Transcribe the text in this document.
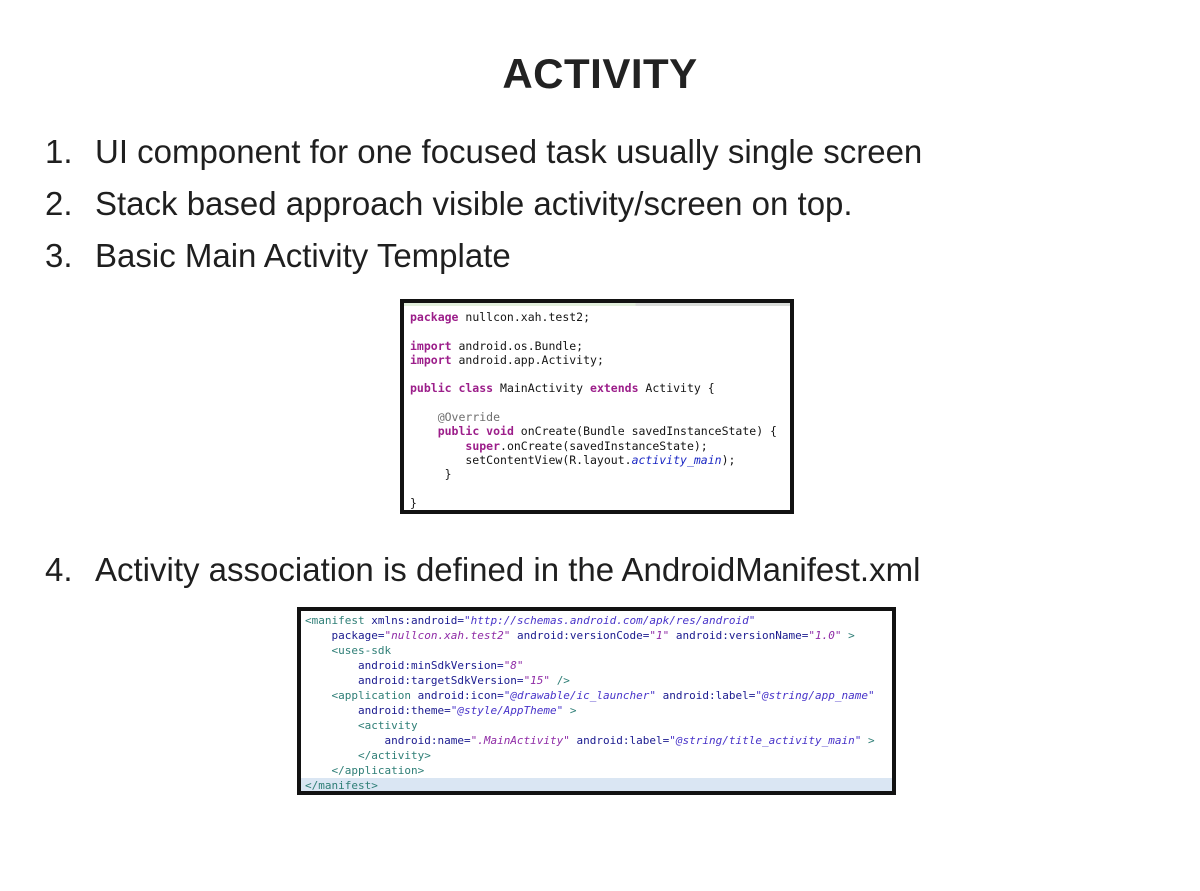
ACTIVITY
1. UI component for one focused task usually single screen
2. Stack based approach visible activity/screen on top.
3. Basic Main Activity Template
package nullcon.xah.test2;

import android.os.Bundle;
import android.app.Activity;

public class MainActivity extends Activity {

@Override
public void onCreate(Bundle savedInstanceState) {
super.onCreate(savedInstanceState);
setContentView(R.layout.activity_main);
}

}
4. Activity association is defined in the AndroidManifest.xml
<manifest xmlns:android="http://schemas.android.com/apk/res/android"
package="nullcon.xah.test2" android:versionCode="1" android:versionName="1.0" >
<uses-sdk
android:minSdkVersion="8"
android:targetSdkVersion="15" />
<application android:icon="@drawable/ic_launcher" android:label="@string/app_name"
android:theme="@style/AppTheme" >
<activity
android:name=".MainActivity" android:label="@string/title_activity_main" >
</activity>
</application>
</manifest>
